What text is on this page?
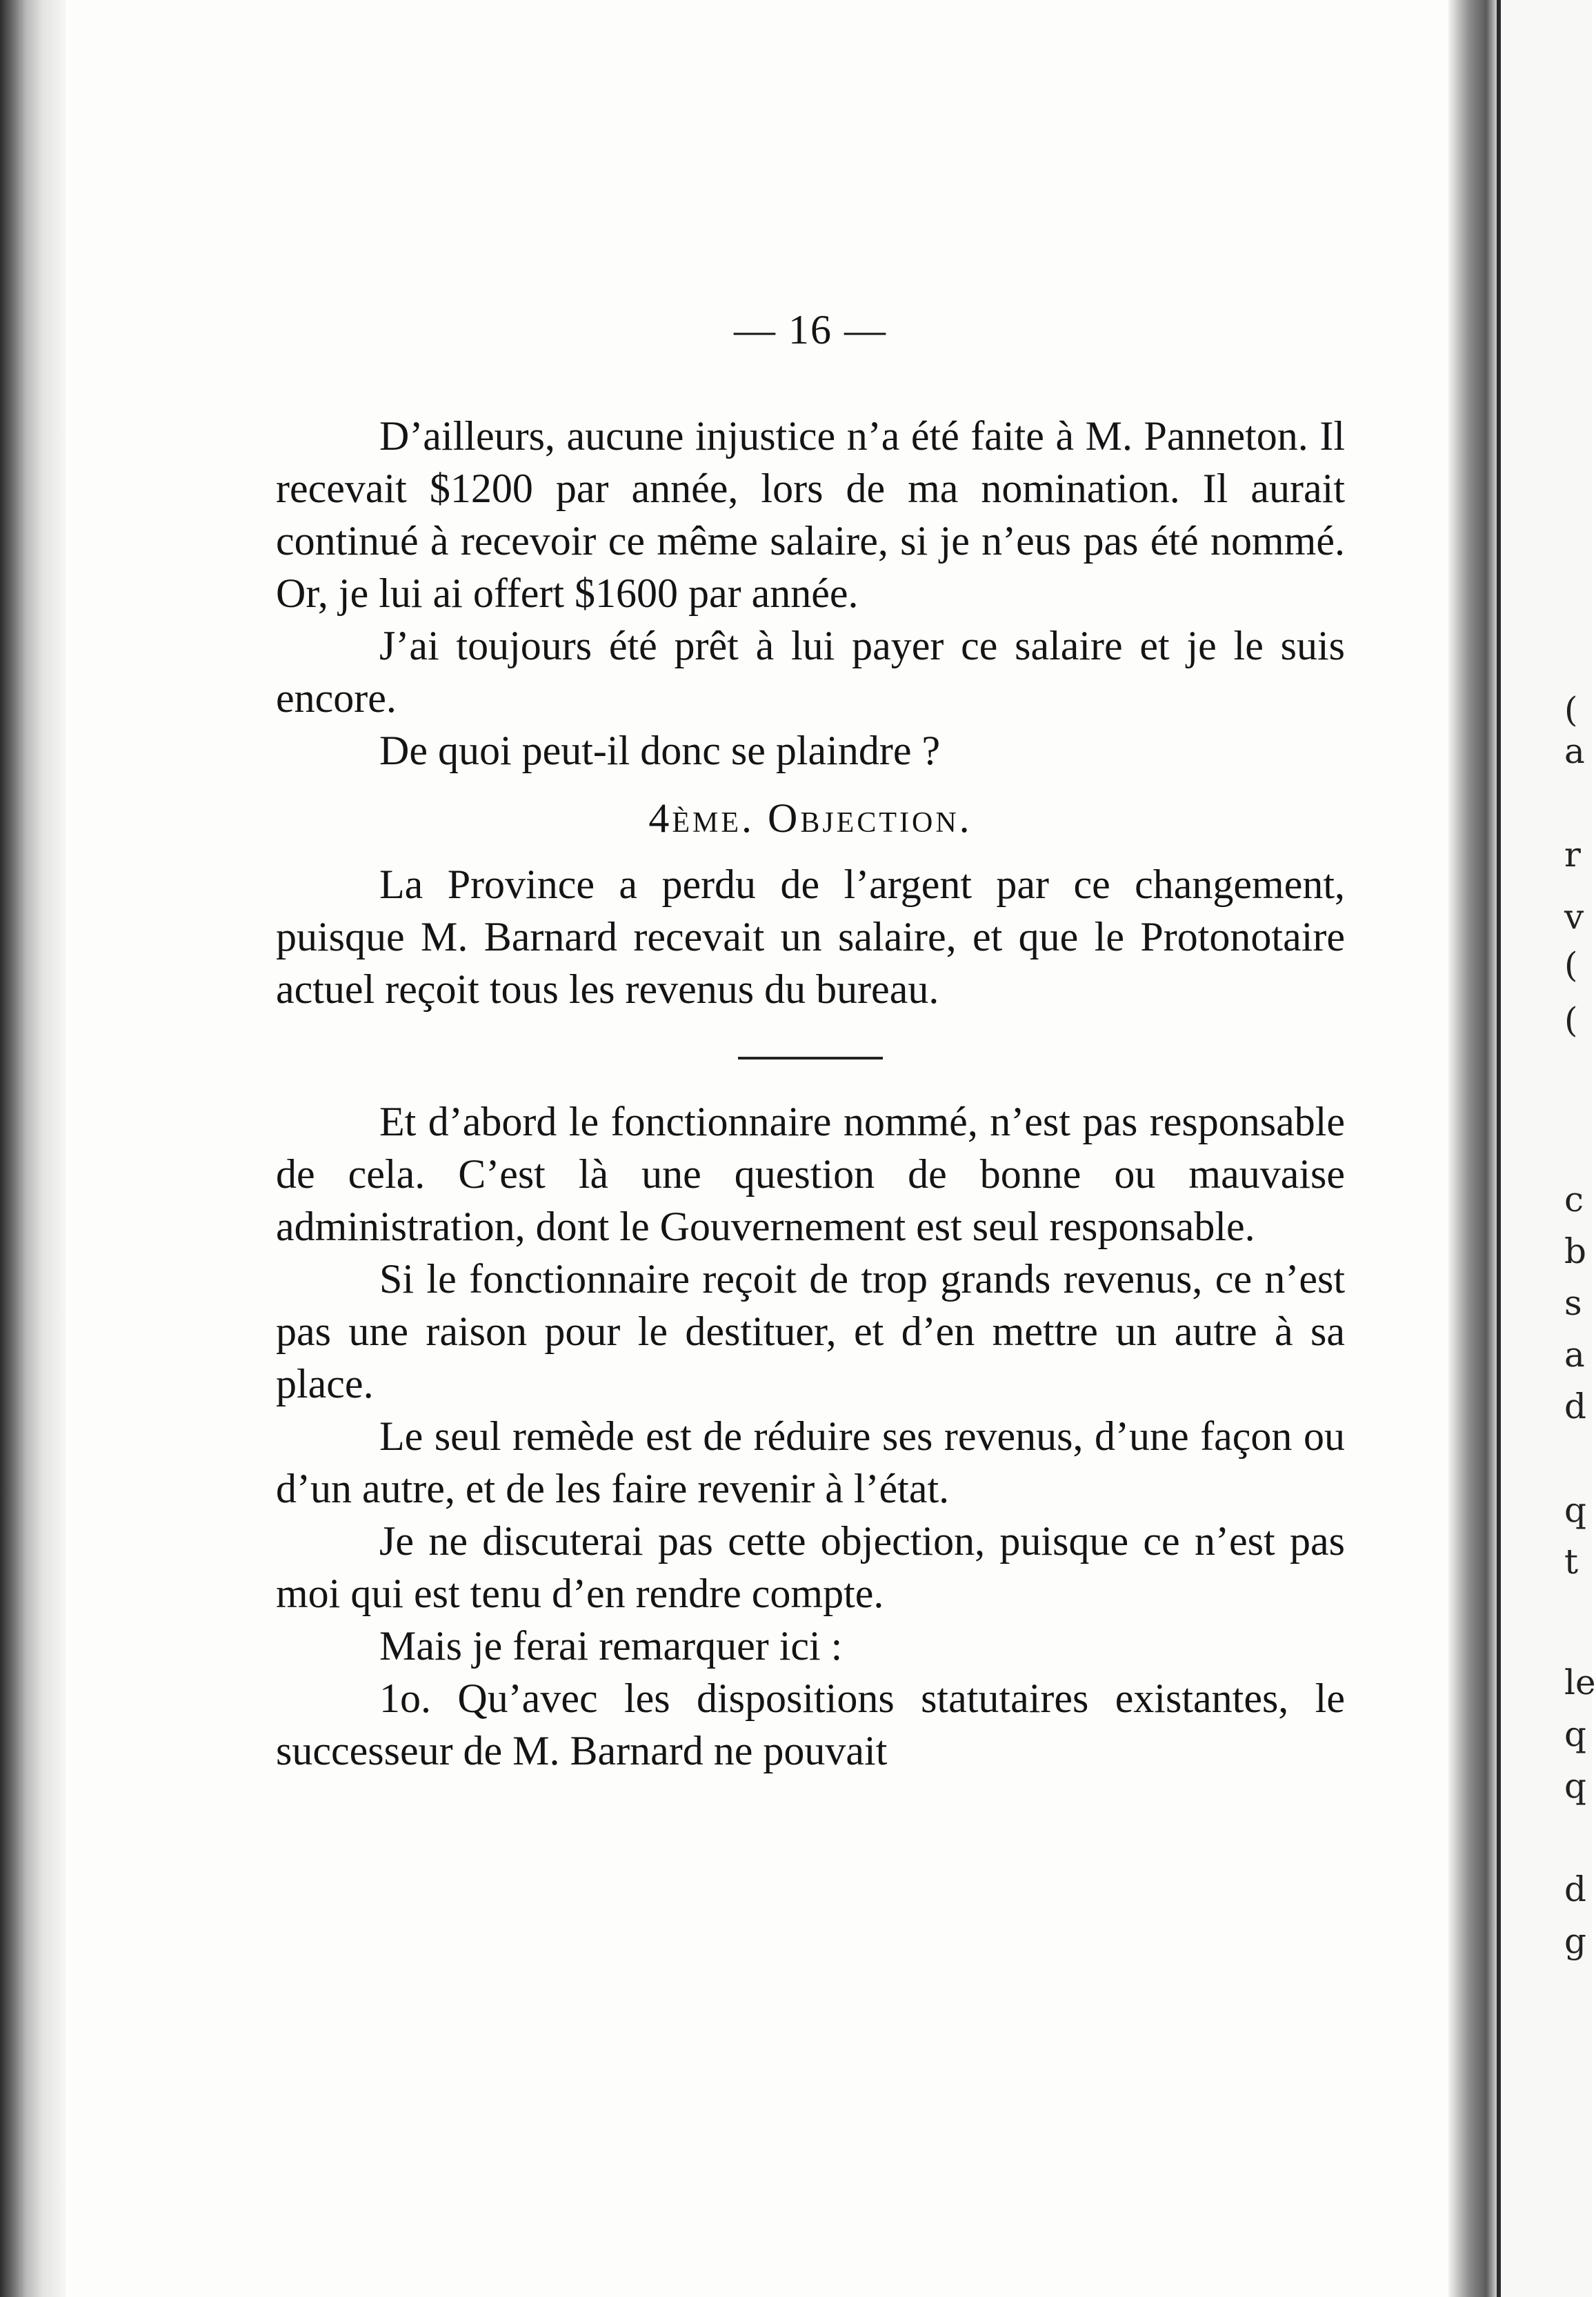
(
a
r
v
(
(
c
b
s
a
d
q
t
le
q
q
d
g
— 16 —

D’ailleurs, aucune injustice n’a été faite à M. Panneton. Il recevait $1200 par année, lors de ma nomination. Il aurait continué à recevoir ce même salaire, si je n’eus pas été nommé. Or, je lui ai offert $1600 par année.

J’ai toujours été prêt à lui payer ce salaire et je le suis encore.

De quoi peut-il donc se plaindre ?

4ème. Objection.

La Province a perdu de l’argent par ce changement, puisque M. Barnard recevait un salaire, et que le Protonotaire actuel reçoit tous les revenus du bureau.

Et d’abord le fonctionnaire nommé, n’est pas responsable de cela. C’est là une question de bonne ou mauvaise administration, dont le Gouvernement est seul responsable.

Si le fonctionnaire reçoit de trop grands revenus, ce n’est pas une raison pour le destituer, et d’en mettre un autre à sa place.

Le seul remède est de réduire ses revenus, d’une façon ou d’un autre, et de les faire revenir à l’état.

Je ne discuterai pas cette objection, puisque ce n’est pas moi qui est tenu d’en rendre compte.

Mais je ferai remarquer ici :

1o. Qu’avec les dispositions statutaires existantes, le successeur de M. Barnard ne pouvait
